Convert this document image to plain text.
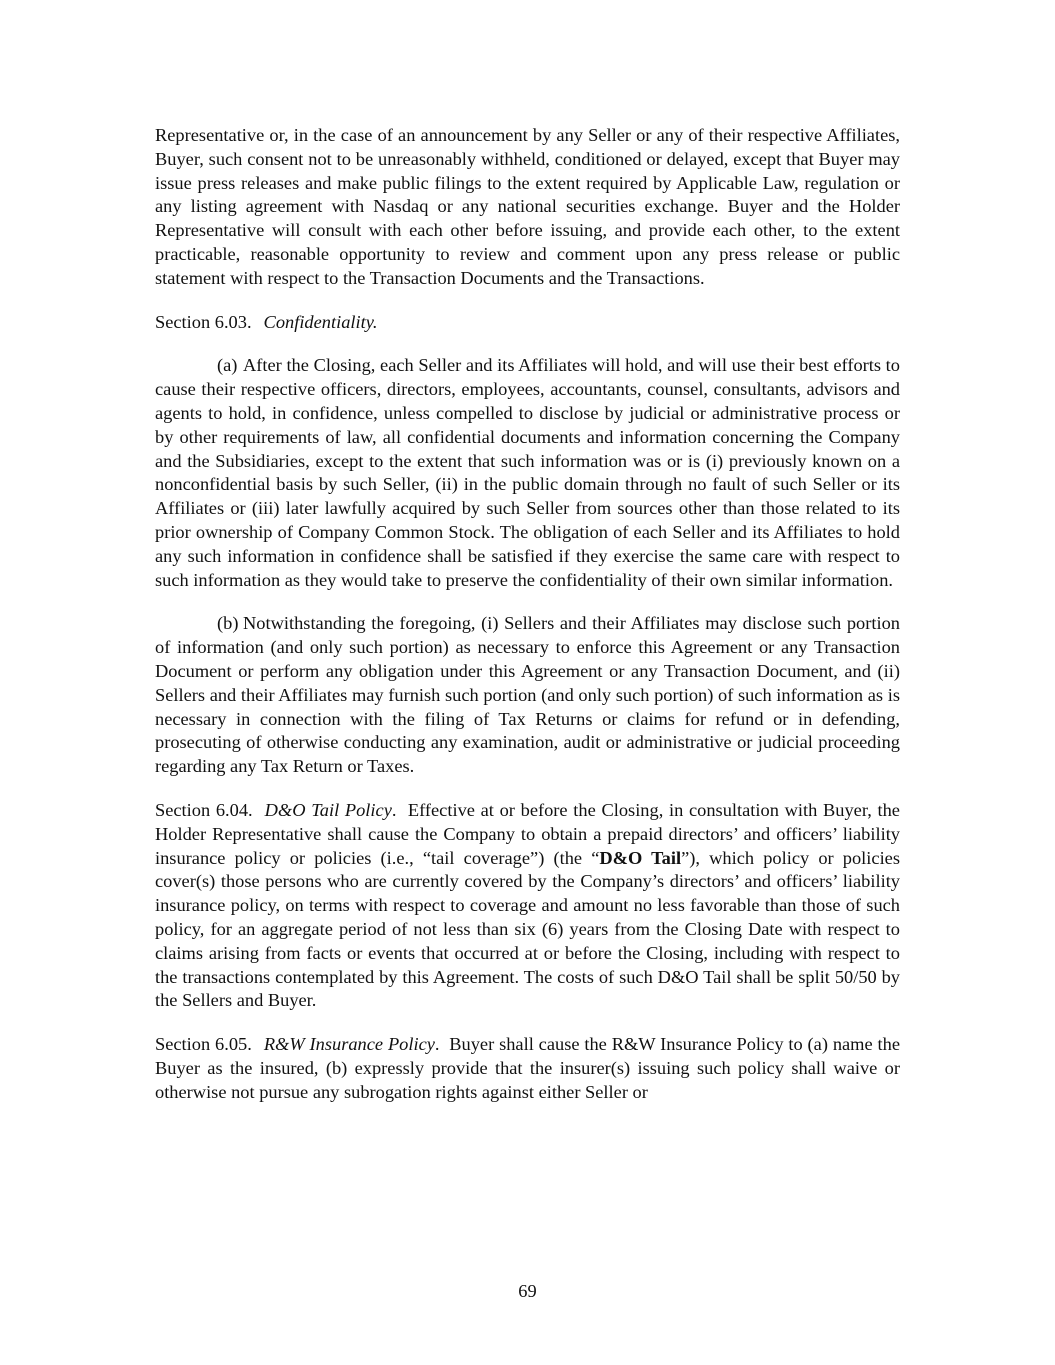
Representative or, in the case of an announcement by any Seller or any of their respective Affiliates, Buyer, such consent not to be unreasonably withheld, conditioned or delayed, except that Buyer may issue press releases and make public filings to the extent required by Applicable Law, regulation or any listing agreement with Nasdaq or any national securities exchange. Buyer and the Holder Representative will consult with each other before issuing, and provide each other, to the extent practicable, reasonable opportunity to review and comment upon any press release or public statement with respect to the Transaction Documents and the Transactions.

Section 6.03. Confidentiality.

(a) After the Closing, each Seller and its Affiliates will hold, and will use their best efforts to cause their respective officers, directors, employees, accountants, counsel, consultants, advisors and agents to hold, in confidence, unless compelled to disclose by judicial or administrative process or by other requirements of law, all confidential documents and information concerning the Company and the Subsidiaries, except to the extent that such information was or is (i) previously known on a nonconfidential basis by such Seller, (ii) in the public domain through no fault of such Seller or its Affiliates or (iii) later lawfully acquired by such Seller from sources other than those related to its prior ownership of Company Common Stock. The obligation of each Seller and its Affiliates to hold any such information in confidence shall be satisfied if they exercise the same care with respect to such information as they would take to preserve the confidentiality of their own similar information.

(b) Notwithstanding the foregoing, (i) Sellers and their Affiliates may disclose such portion of information (and only such portion) as necessary to enforce this Agreement or any Transaction Document or perform any obligation under this Agreement or any Transaction Document, and (ii) Sellers and their Affiliates may furnish such portion (and only such portion) of such information as is necessary in connection with the filing of Tax Returns or claims for refund or in defending, prosecuting of otherwise conducting any examination, audit or administrative or judicial proceeding regarding any Tax Return or Taxes.

Section 6.04. D&O Tail Policy. Effective at or before the Closing, in consultation with Buyer, the Holder Representative shall cause the Company to obtain a prepaid directors’ and officers’ liability insurance policy or policies (i.e., “tail coverage”) (the “D&O Tail”), which policy or policies cover(s) those persons who are currently covered by the Company’s directors’ and officers’ liability insurance policy, on terms with respect to coverage and amount no less favorable than those of such policy, for an aggregate period of not less than six (6) years from the Closing Date with respect to claims arising from facts or events that occurred at or before the Closing, including with respect to the transactions contemplated by this Agreement. The costs of such D&O Tail shall be split 50/50 by the Sellers and Buyer.

Section 6.05. R&W Insurance Policy. Buyer shall cause the R&W Insurance Policy to (a) name the Buyer as the insured, (b) expressly provide that the insurer(s) issuing such policy shall waive or otherwise not pursue any subrogation rights against either Seller or

69
